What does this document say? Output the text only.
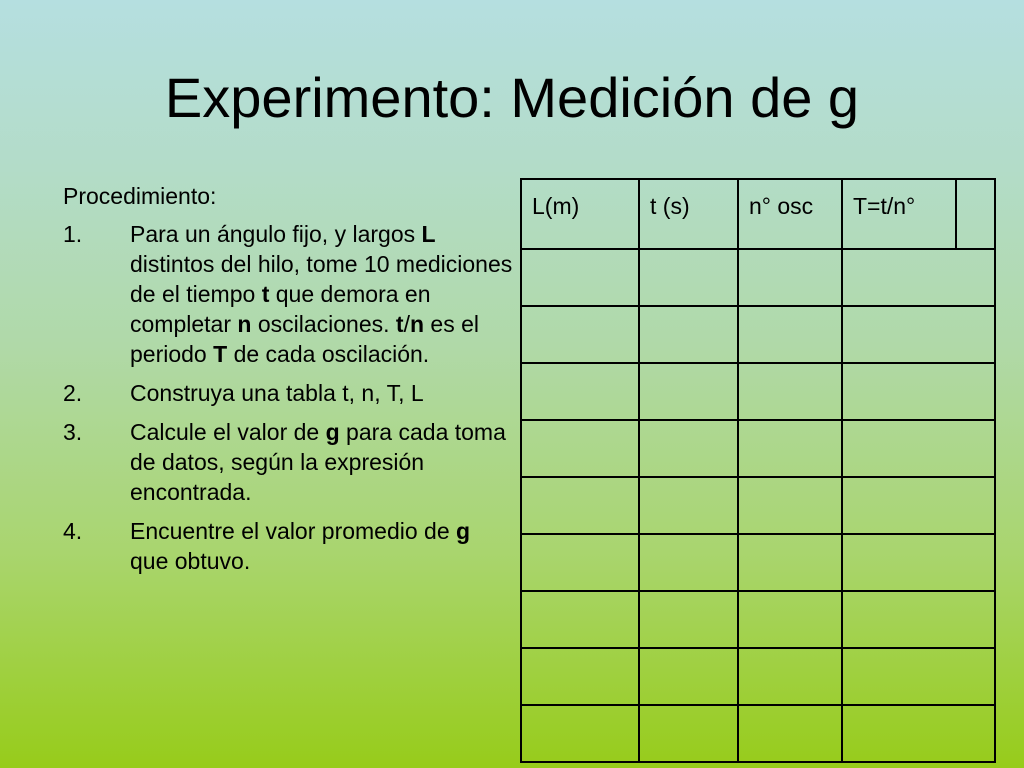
Experimento: Medición de g

Procedimiento:

1.	Para un ángulo fijo, y largos L distintos del hilo, tome 10 mediciones de el tiempo t que demora en completar n oscilaciones. t/n es el periodo T de cada oscilación.
2.	Construya una tabla t, n, T, L
3.	Calcule el valor de g para cada toma de datos, según la expresión encontrada.
4.	Encuentre el valor promedio de g que obtuvo.
L(m)	t (s)	n° osc	T=t/n°	
